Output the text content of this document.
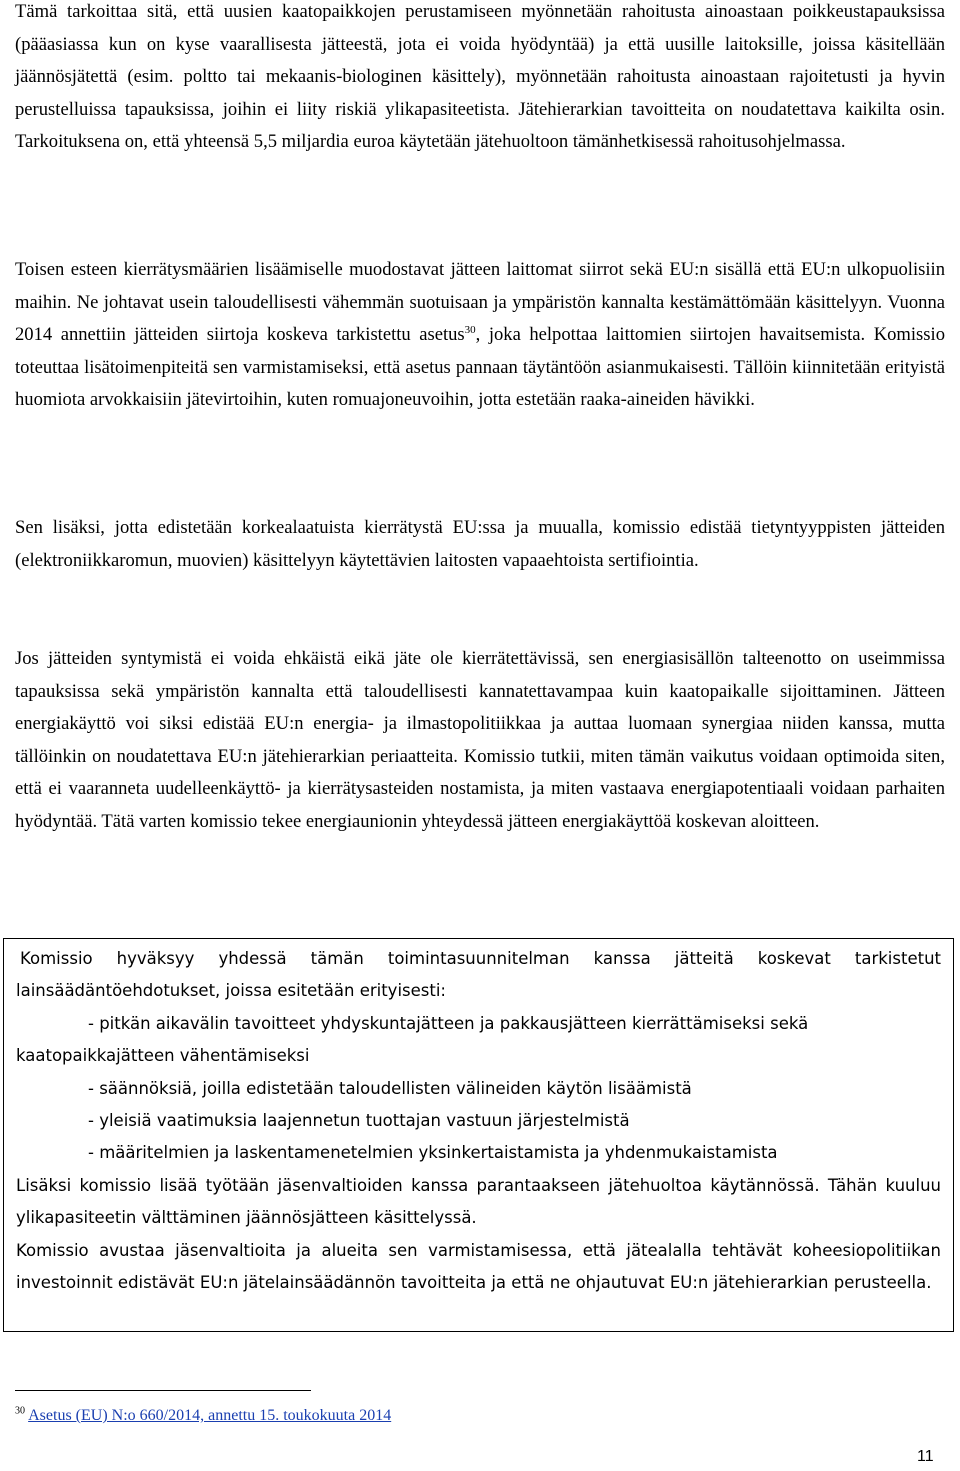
Tämä tarkoittaa sitä, että uusien kaatopaikkojen perustamiseen myönnetään rahoitusta ainoastaan poikkeustapauksissa (pääasiassa kun on kyse vaarallisesta jätteestä, jota ei voida hyödyntää) ja että uusille laitoksille, joissa käsitellään jäännösjätettä (esim. poltto tai mekaanis-biologinen käsittely), myönnetään rahoitusta ainoastaan rajoitetusti ja hyvin perustelluissa tapauksissa, joihin ei liity riskiä ylikapasiteetista. Jätehierarkian tavoitteita on noudatettava kaikilta osin. Tarkoituksena on, että yhteensä 5,5 miljardia euroa käytetään jätehuoltoon tämänhetkisessä rahoitusohjelmassa.

Toisen esteen kierrätysmäärien lisäämiselle muodostavat jätteen laittomat siirrot sekä EU:n sisällä että EU:n ulkopuolisiin maihin. Ne johtavat usein taloudellisesti vähemmän suotuisaan ja ympäristön kannalta kestämättömään käsittelyyn. Vuonna 2014 annettiin jätteiden siirtoja koskeva tarkistettu asetus$^{30}$, joka helpottaa laittomien siirtojen havaitsemista. Komissio toteuttaa lisätoimenpiteitä sen varmistamiseksi, että asetus pannaan täytäntöön asianmukaisesti. Tällöin kiinnitetään erityistä huomiota arvokkaisiin jätevirtoihin, kuten romuajoneuvoihin, jotta estetään raaka-aineiden hävikki.

Sen lisäksi, jotta edistetään korkealaatuista kierrätystä EU:ssa ja muualla, komissio edistää tietyntyyppisten jätteiden (elektroniikkaromun, muovien) käsittelyyn käytettävien laitosten vapaaehtoista sertifiointia.

Jos jätteiden syntymistä ei voida ehkäistä eikä jäte ole kierrätettävissä, sen energiasisällön talteenotto on useimmissa tapauksissa sekä ympäristön kannalta että taloudellisesti kannatettavampaa kuin kaatopaikalle sijoittaminen. Jätteen energiakäyttö voi siksi edistää EU:n energia- ja ilmastopolitiikkaa ja auttaa luomaan synergiaa niiden kanssa, mutta tällöinkin on noudatettava EU:n jätehierarkian periaatteita. Komissio tutkii, miten tämän vaikutus voidaan optimoida siten, että ei vaaranneta uudelleenkäyttö- ja kierrätysasteiden nostamista, ja miten vastaava energiapotentiaali voidaan parhaiten hyödyntää. Tätä varten komissio tekee energiaunionin yhteydessä jätteen energiakäyttöä koskevan aloitteen.

Komissio hyväksyy yhdessä tämän toimintasuunnitelman kanssa jätteitä koskevat tarkistetut lainsäädäntöehdotukset, joissa esitetään erityisesti:

- pitkän aikavälin tavoitteet yhdyskuntajätteen ja pakkausjätteen kierrättämiseksi sekä

kaatopaikkajätteen vähentämiseksi

- säännöksiä, joilla edistetään taloudellisten välineiden käytön lisäämistä

- yleisiä vaatimuksia laajennetun tuottajan vastuun järjestelmistä

- määritelmien ja laskentamenetelmien yksinkertaistamista ja yhdenmukaistamista

Lisäksi komissio lisää työtään jäsenvaltioiden kanssa parantaakseen jätehuoltoa käytännössä. Tähän kuuluu ylikapasiteetin välttäminen jäännösjätteen käsittelyssä.

Komissio avustaa jäsenvaltioita ja alueita sen varmistamisessa, että jätealalla tehtävät koheesiopolitiikan investoinnit edistävät EU:n jätelainsäädännön tavoitteita ja että ne ohjautuvat EU:n jätehierarkian perusteella.

$^{30}$ Asetus (EU) N:o 660/2014, annettu 15. toukokuuta 2014
11
